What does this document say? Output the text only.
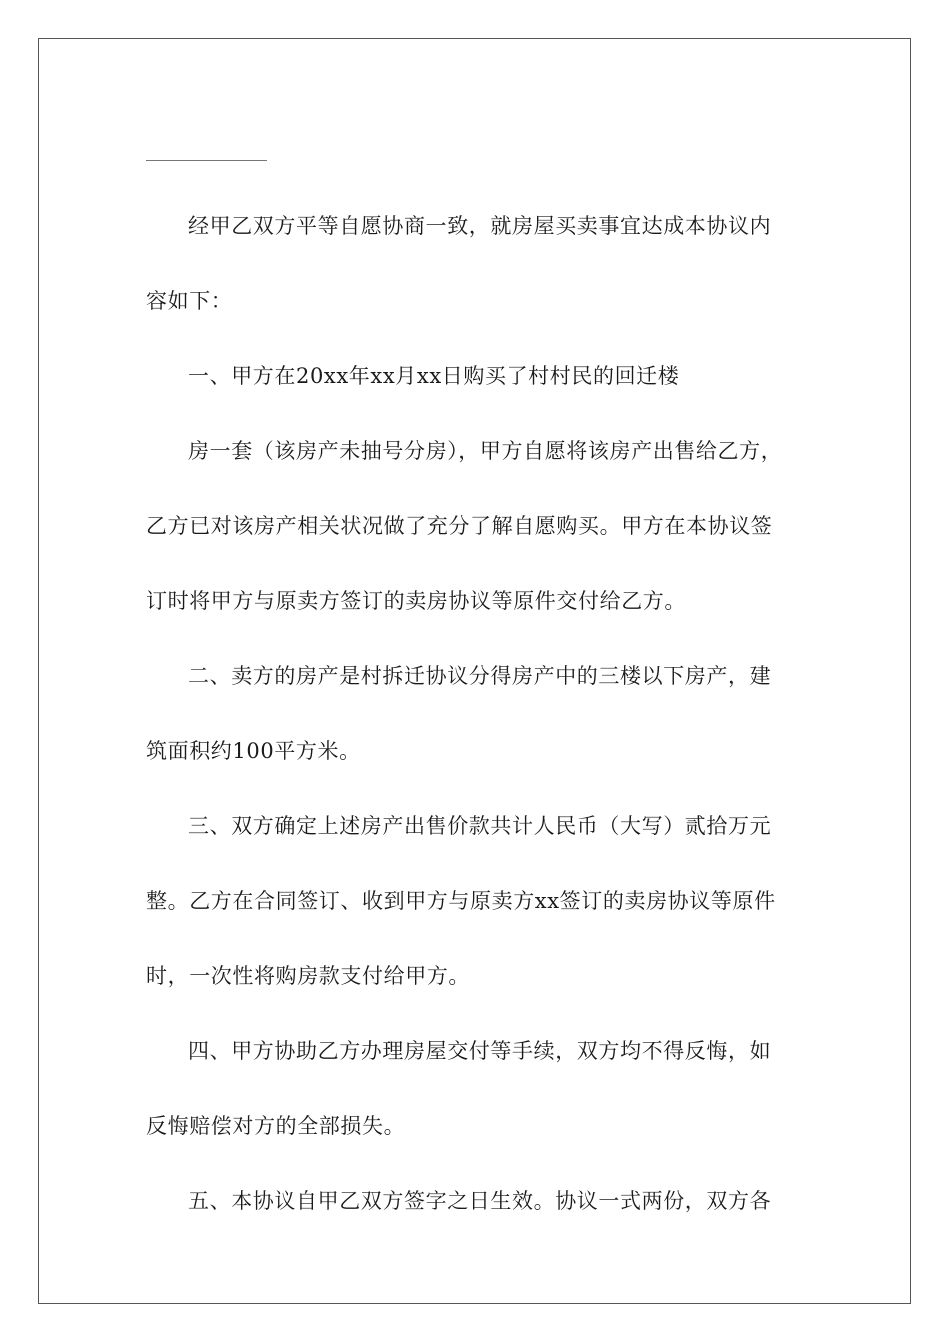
经甲乙双方平等自愿协商一致，就房屋买卖事宜达成本协议内
容如下：
一、甲方在20xx年xx月xx日购买了村村民的回迁楼
房一套（该房产未抽号分房），甲方自愿将该房产出售给乙方，
乙方已对该房产相关状况做了充分了解自愿购买。甲方在本协议签
订时将甲方与原卖方签订的卖房协议等原件交付给乙方。
二、卖方的房产是村拆迁协议分得房产中的三楼以下房产，建
筑面积约100平方米。
三、双方确定上述房产出售价款共计人民币（大写）贰拾万元
整。乙方在合同签订、收到甲方与原卖方xx签订的卖房协议等原件
时，一次性将购房款支付给甲方。
四、甲方协助乙方办理房屋交付等手续，双方均不得反悔，如
反悔赔偿对方的全部损失。
五、本协议自甲乙双方签字之日生效。协议一式两份，双方各
